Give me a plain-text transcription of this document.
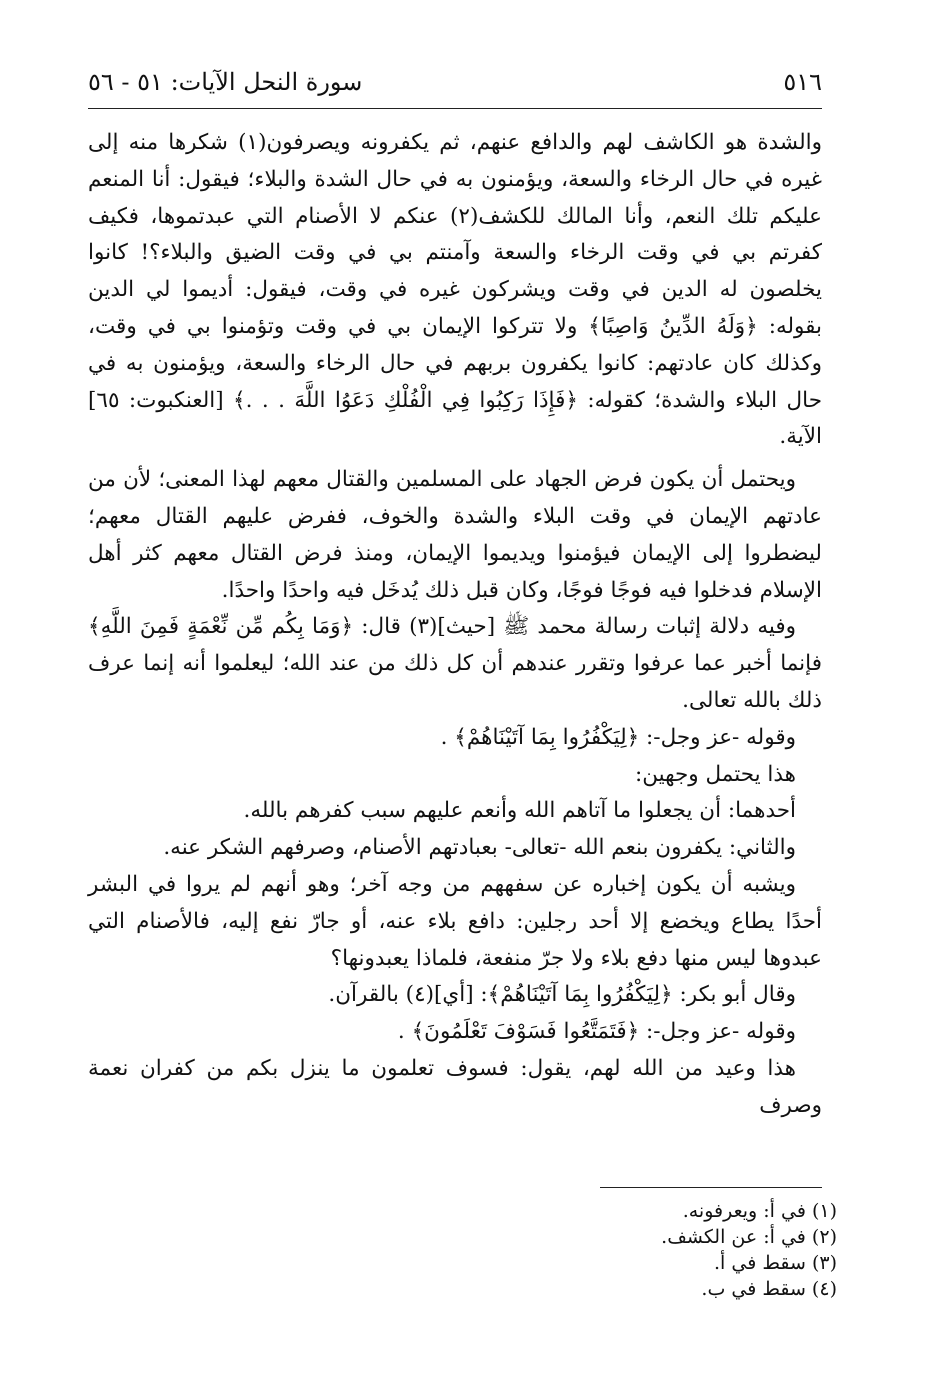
٥١٦
سورة النحل الآيات: ٥١ - ٥٦

والشدة هو الكاشف لهم والدافع عنهم، ثم يكفرونه ويصرفون(١) شكرها منه إلى غيره في حال الرخاء والسعة، ويؤمنون به في حال الشدة والبلاء؛ فيقول: أنا المنعم عليكم تلك النعم، وأنا المالك للكشف(٢) عنكم لا الأصنام التي عبدتموها، فكيف كفرتم بي في وقت الرخاء والسعة وآمنتم بي في وقت الضيق والبلاء؟! كانوا يخلصون له الدين في وقت ويشركون غيره في وقت، فيقول: أديموا لي الدين بقوله: ﴿وَلَهُ الدِّينُ وَاصِبًا﴾ ولا تتركوا الإيمان بي في وقت وتؤمنوا بي في وقت، وكذلك كان عادتهم: كانوا يكفرون بربهم في حال الرخاء والسعة، ويؤمنون به في حال البلاء والشدة؛ كقوله: ﴿فَإِذَا رَكِبُوا فِي الْفُلْكِ دَعَوُا اللَّهَ . . .﴾ [العنكبوت: ٦٥] الآية.

ويحتمل أن يكون فرض الجهاد على المسلمين والقتال معهم لهذا المعنى؛ لأن من عادتهم الإيمان في وقت البلاء والشدة والخوف، ففرض عليهم القتال معهم؛ ليضطروا إلى الإيمان فيؤمنوا ويديموا الإيمان، ومنذ فرض القتال معهم كثر أهل الإسلام فدخلوا فيه فوجًا فوجًا، وكان قبل ذلك يُدخَل فيه واحدًا واحدًا.

وفيه دلالة إثبات رسالة محمد ﷺ [حيث](٣) قال: ﴿وَمَا بِكُم مِّن نِّعْمَةٍ فَمِنَ اللَّهِ﴾ فإنما أخبر عما عرفوا وتقرر عندهم أن كل ذلك من عند الله؛ ليعلموا أنه إنما عرف ذلك بالله تعالى.

وقوله -عز وجل-: ﴿لِيَكْفُرُوا بِمَا آتَيْنَاهُمْ﴾ .

هذا يحتمل وجهين:

أحدهما: أن يجعلوا ما آتاهم الله وأنعم عليهم سبب كفرهم بالله.

والثاني: يكفرون بنعم الله -تعالى- بعبادتهم الأصنام، وصرفهم الشكر عنه.

ويشبه أن يكون إخباره عن سفههم من وجه آخر؛ وهو أنهم لم يروا في البشر أحدًا يطاع ويخضع إلا أحد رجلين: دافع بلاء عنه، أو جارّ نفع إليه، فالأصنام التي عبدوها ليس منها دفع بلاء ولا جرّ منفعة، فلماذا يعبدونها؟

وقال أبو بكر: ﴿لِيَكْفُرُوا بِمَا آتَيْنَاهُمْ﴾: [أي](٤) بالقرآن.

وقوله -عز وجل-: ﴿فَتَمَتَّعُوا فَسَوْفَ تَعْلَمُونَ﴾ .

هذا وعيد من الله لهم، يقول: فسوف تعلمون ما ينزل بكم من كفران نعمة وصرف

(١) في أ: ويعرفونه.
(٢) في أ: عن الكشف.
(٣) سقط في أ.
(٤) سقط في ب.
